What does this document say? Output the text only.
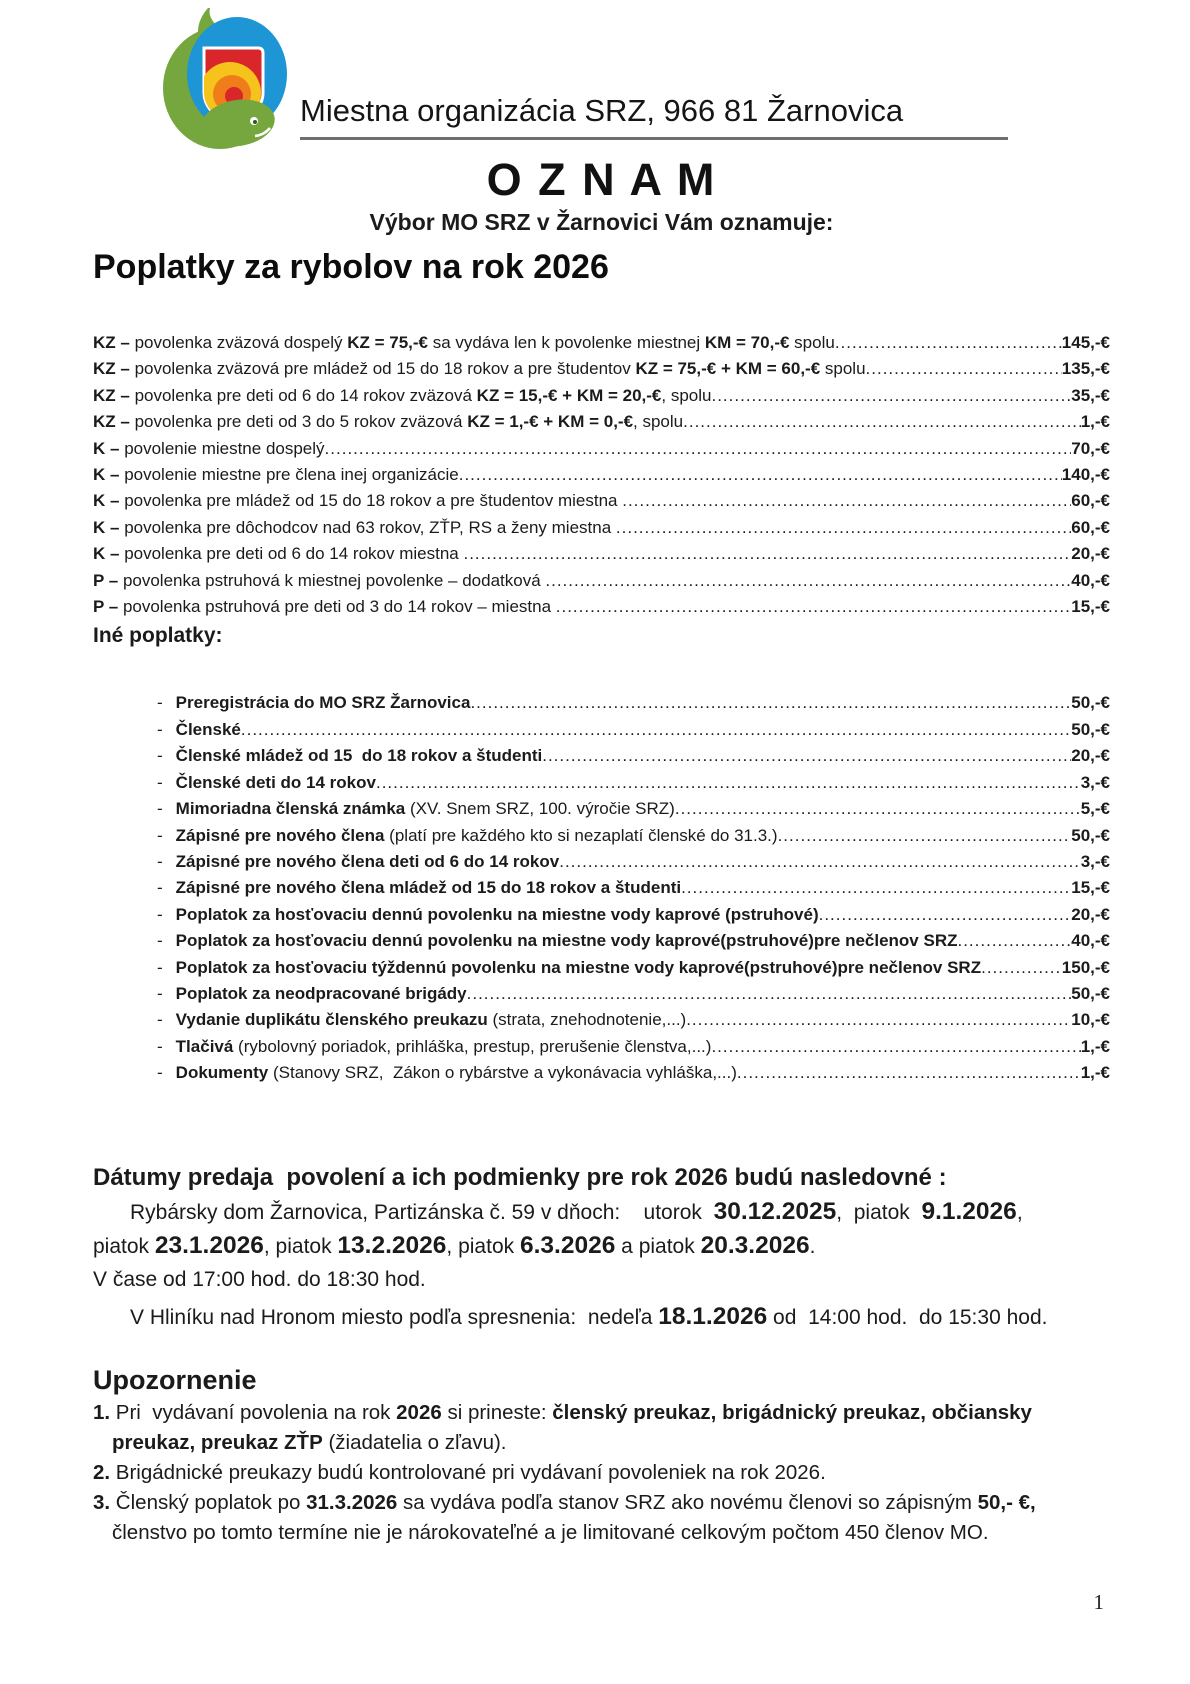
Miestna organizácia SRZ, 966 81 Žarnovica
O Z N A M
Výbor MO SRZ v Žarnovici Vám oznamuje:
Poplatky za rybolov na rok 2026
KZ – povolenka zväzová dospelý KZ = 75,-€ sa vydáva len k povolenke miestnej KM = 70,-€ spolu .....	145,-€
KZ – povolenka zväzová pre mládež od 15 do 18 rokov a pre študentov KZ = 75,-€ + KM = 60,-€ spolu .....	135,-€
KZ – povolenka pre deti od 6 do 14 rokov zväzová KZ = 15,-€ + KM = 20,-€, spolu .....	35,-€
KZ – povolenka pre deti od 3 do 5 rokov zväzová KZ = 1,-€ + KM = 0,-€, spolu .....	1,-€
K – povolenie miestne dospelý .....	70,-€
K – povolenie miestne pre člena inej organizácie .....	140,-€
K – povolenka pre mládež od 15 do 18 rokov a pre študentov miestna .....	60,-€
K – povolenka pre dôchodcov nad 63 rokov, ZŤP, RS a ženy miestna .....	60,-€
K – povolenka pre deti od 6 do 14 rokov miestna .....	20,-€
P – povolenka pstruhová k miestnej povolenke – dodatková .....	40,-€
P – povolenka pstruhová pre deti od 3 do 14 rokov – miestna .....	15,-€
Iné poplatky:
- Preregistrácia do MO SRZ Žarnovica .....	50,-€
- Členské .....	50,-€
- Členské mládež od 15  do 18 rokov a študenti .....	20,-€
- Členské deti do 14 rokov .....	3,-€
- Mimoriadna členská známka (XV. Snem SRZ, 100. výročie SRZ) .....	5,-€
- Zápisné pre nového člena (platí pre každého kto si nezaplatí členské do 31.3.) .....	50,-€
- Zápisné pre nového člena deti od 6 do 14 rokov .....	3,-€
- Zápisné pre nového člena mládež od 15 do 18 rokov a študenti .....	15,-€
- Poplatok za hosťovaciu dennú povolenku na miestne vody kaprové (pstruhové) .....	20,-€
- Poplatok za hosťovaciu dennú povolenku na miestne vody kaprové(pstruhové)pre nečlenov SRZ .....	40,-€
- Poplatok za hosťovaciu týždennú povolenku na miestne vody kaprové(pstruhové)pre nečlenov SRZ .....	150,-€
- Poplatok za neodpracované brigády .....	50,-€
- Vydanie duplikátu členského preukazu (strata, znehodnotenie,...) .....	10,-€
- Tlačivá (rybolovný poriadok, prihláška, prestup, prerušenie členstva,...) .....	1,-€
- Dokumenty (Stanovy SRZ,  Zákon o rybárstve a vykonávacia vyhláška,...) .....	1,-€
Dátumy predaja  povolení a ich podmienky pre rok 2026 budú nasledovné :
Rybársky dom Žarnovica, Partizánska č. 59 v dňoch:    utorok  30.12.2025,  piatok  9.1.2026,
piatok 23.1.2026, piatok 13.2.2026, piatok 6.3.2026 a piatok 20.3.2026.
V čase od 17:00 hod. do 18:30 hod.
V Hliníku nad Hronom miesto podľa spresnenia:  nedeľa 18.1.2026 od  14:00 hod.  do 15:30 hod.
Upozornenie
1. Pri  vydávaní povolenia na rok 2026 si prineste: členský preukaz, brigádnický preukaz, občiansky
preukaz, preukaz ZŤP (žiadatelia o zľavu).
2. Brigádnické preukazy budú kontrolované pri vydávaní povoleniek na rok 2026.
3. Členský poplatok po 31.3.2026 sa vydáva podľa stanov SRZ ako novému členovi so zápisným 50,- €,
členstvo po tomto termíne nie je nárokovateľné a je limitované celkovým počtom 450 členov MO.
1
